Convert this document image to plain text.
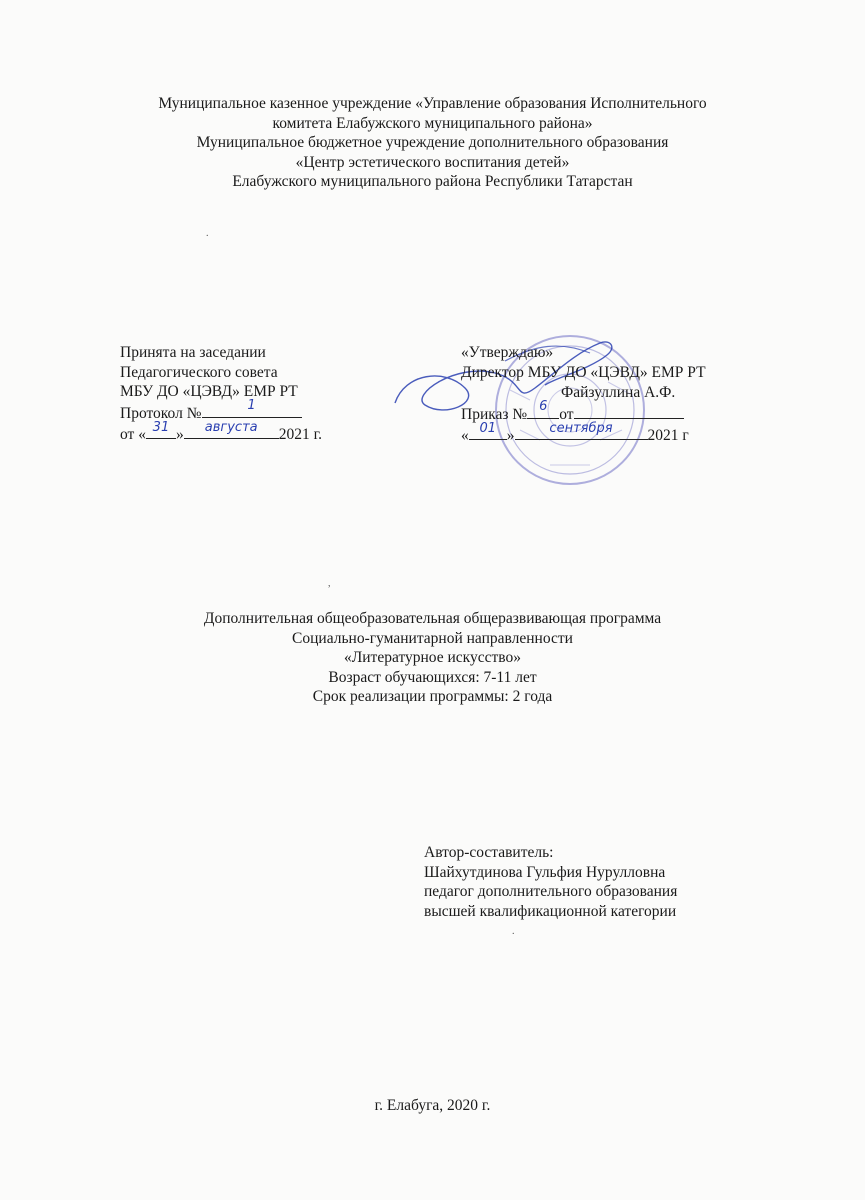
Муниципальное казенное учреждение «Управление образования Исполнительного
комитета Елабужского муниципального района»
Муниципальное бюджетное учреждение дополнительного образования
«Центр эстетического воспитания детей»
Елабужского муниципального района Республики Татарстан
.
Принята на заседании
Педагогического совета
МБУ ДО «ЦЭВД» ЕМР РТ
Протокол №	1
от « 31 »	августа	2021 г.
«Утверждаю»
Директор МБУ ДО «ЦЭВД» ЕМР РТ
Файзуллина А.Ф.
Приказ № 6 от
« 01 »	сентября	2021 г
,
Дополнительная общеобразовательная общеразвивающая программа
Социально-гуманитарной направленности
«Литературное искусство»
Возраст обучающихся: 7-11 лет
Срок реализации программы: 2 года
Автор-составитель:
Шайхутдинова Гульфия Нурулловна
педагог дополнительного образования
высшей квалификационной категории
.
г. Елабуга, 2020 г.
